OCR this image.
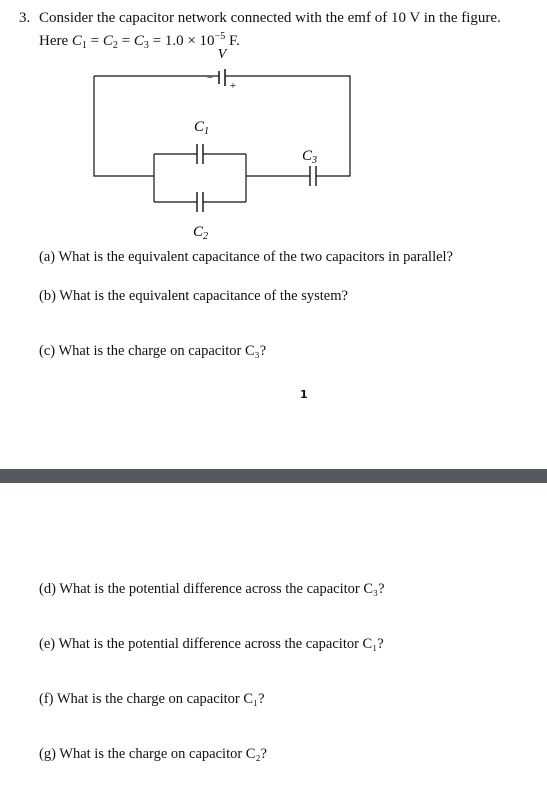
3. Consider the capacitor network connected with the emf of 10 V in the figure.
Here $C_1 = C_2 = C_3 = 1.0 \times 10^{-5}$ F.
V
−
+
$C_1$
$C_3$
$C_2$
(a) What is the equivalent capacitance of the two capacitors in parallel?
(b) What is the equivalent capacitance of the system?
(c) What is the charge on capacitor C₃?
1
(d) What is the potential difference across the capacitor C₃?
(e) What is the potential difference across the capacitor C₁?
(f) What is the charge on capacitor C₁?
(g) What is the charge on capacitor C₂?
